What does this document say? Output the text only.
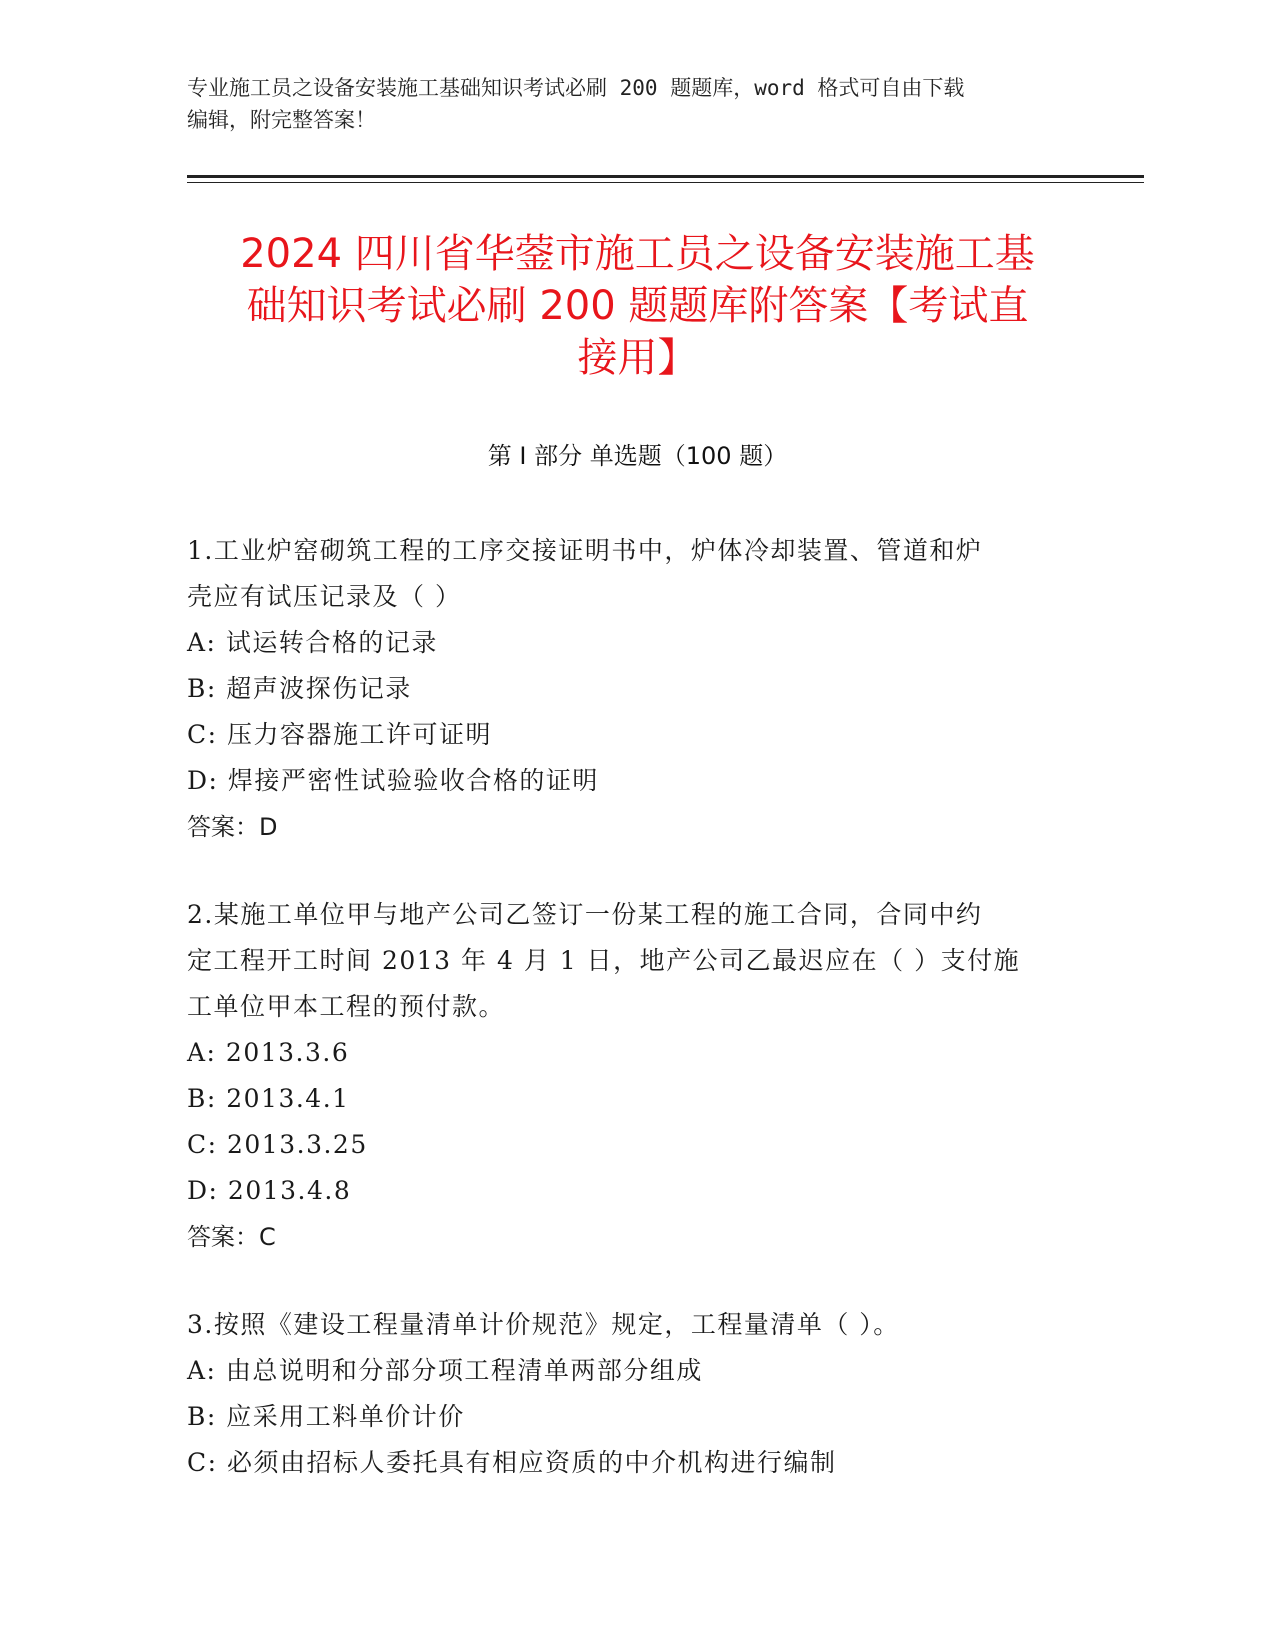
专业施工员之设备安装施工基础知识考试必刷 200 题题库，word 格式可自由下载
编辑，附完整答案！
2024 四川省华蓥市施工员之设备安装施工基
础知识考试必刷 200 题题库附答案【考试直
接用】
第 I 部分 单选题（100 题）
1.工业炉窑砌筑工程的工序交接证明书中，炉体冷却装置、管道和炉
壳应有试压记录及（ ）
A: 试运转合格的记录
B: 超声波探伤记录
C: 压力容器施工许可证明
D: 焊接严密性试验验收合格的证明
答案：D
2.某施工单位甲与地产公司乙签订一份某工程的施工合同，合同中约
定工程开工时间 2013 年 4 月 1 日，地产公司乙最迟应在（ ）支付施
工单位甲本工程的预付款。
A: 2013.3.6
B: 2013.4.1
C: 2013.3.25
D: 2013.4.8
答案：C
3.按照《建设工程量清单计价规范》规定，工程量清单（ ）。
A: 由总说明和分部分项工程清单两部分组成
B: 应采用工料单价计价
C: 必须由招标人委托具有相应资质的中介机构进行编制
